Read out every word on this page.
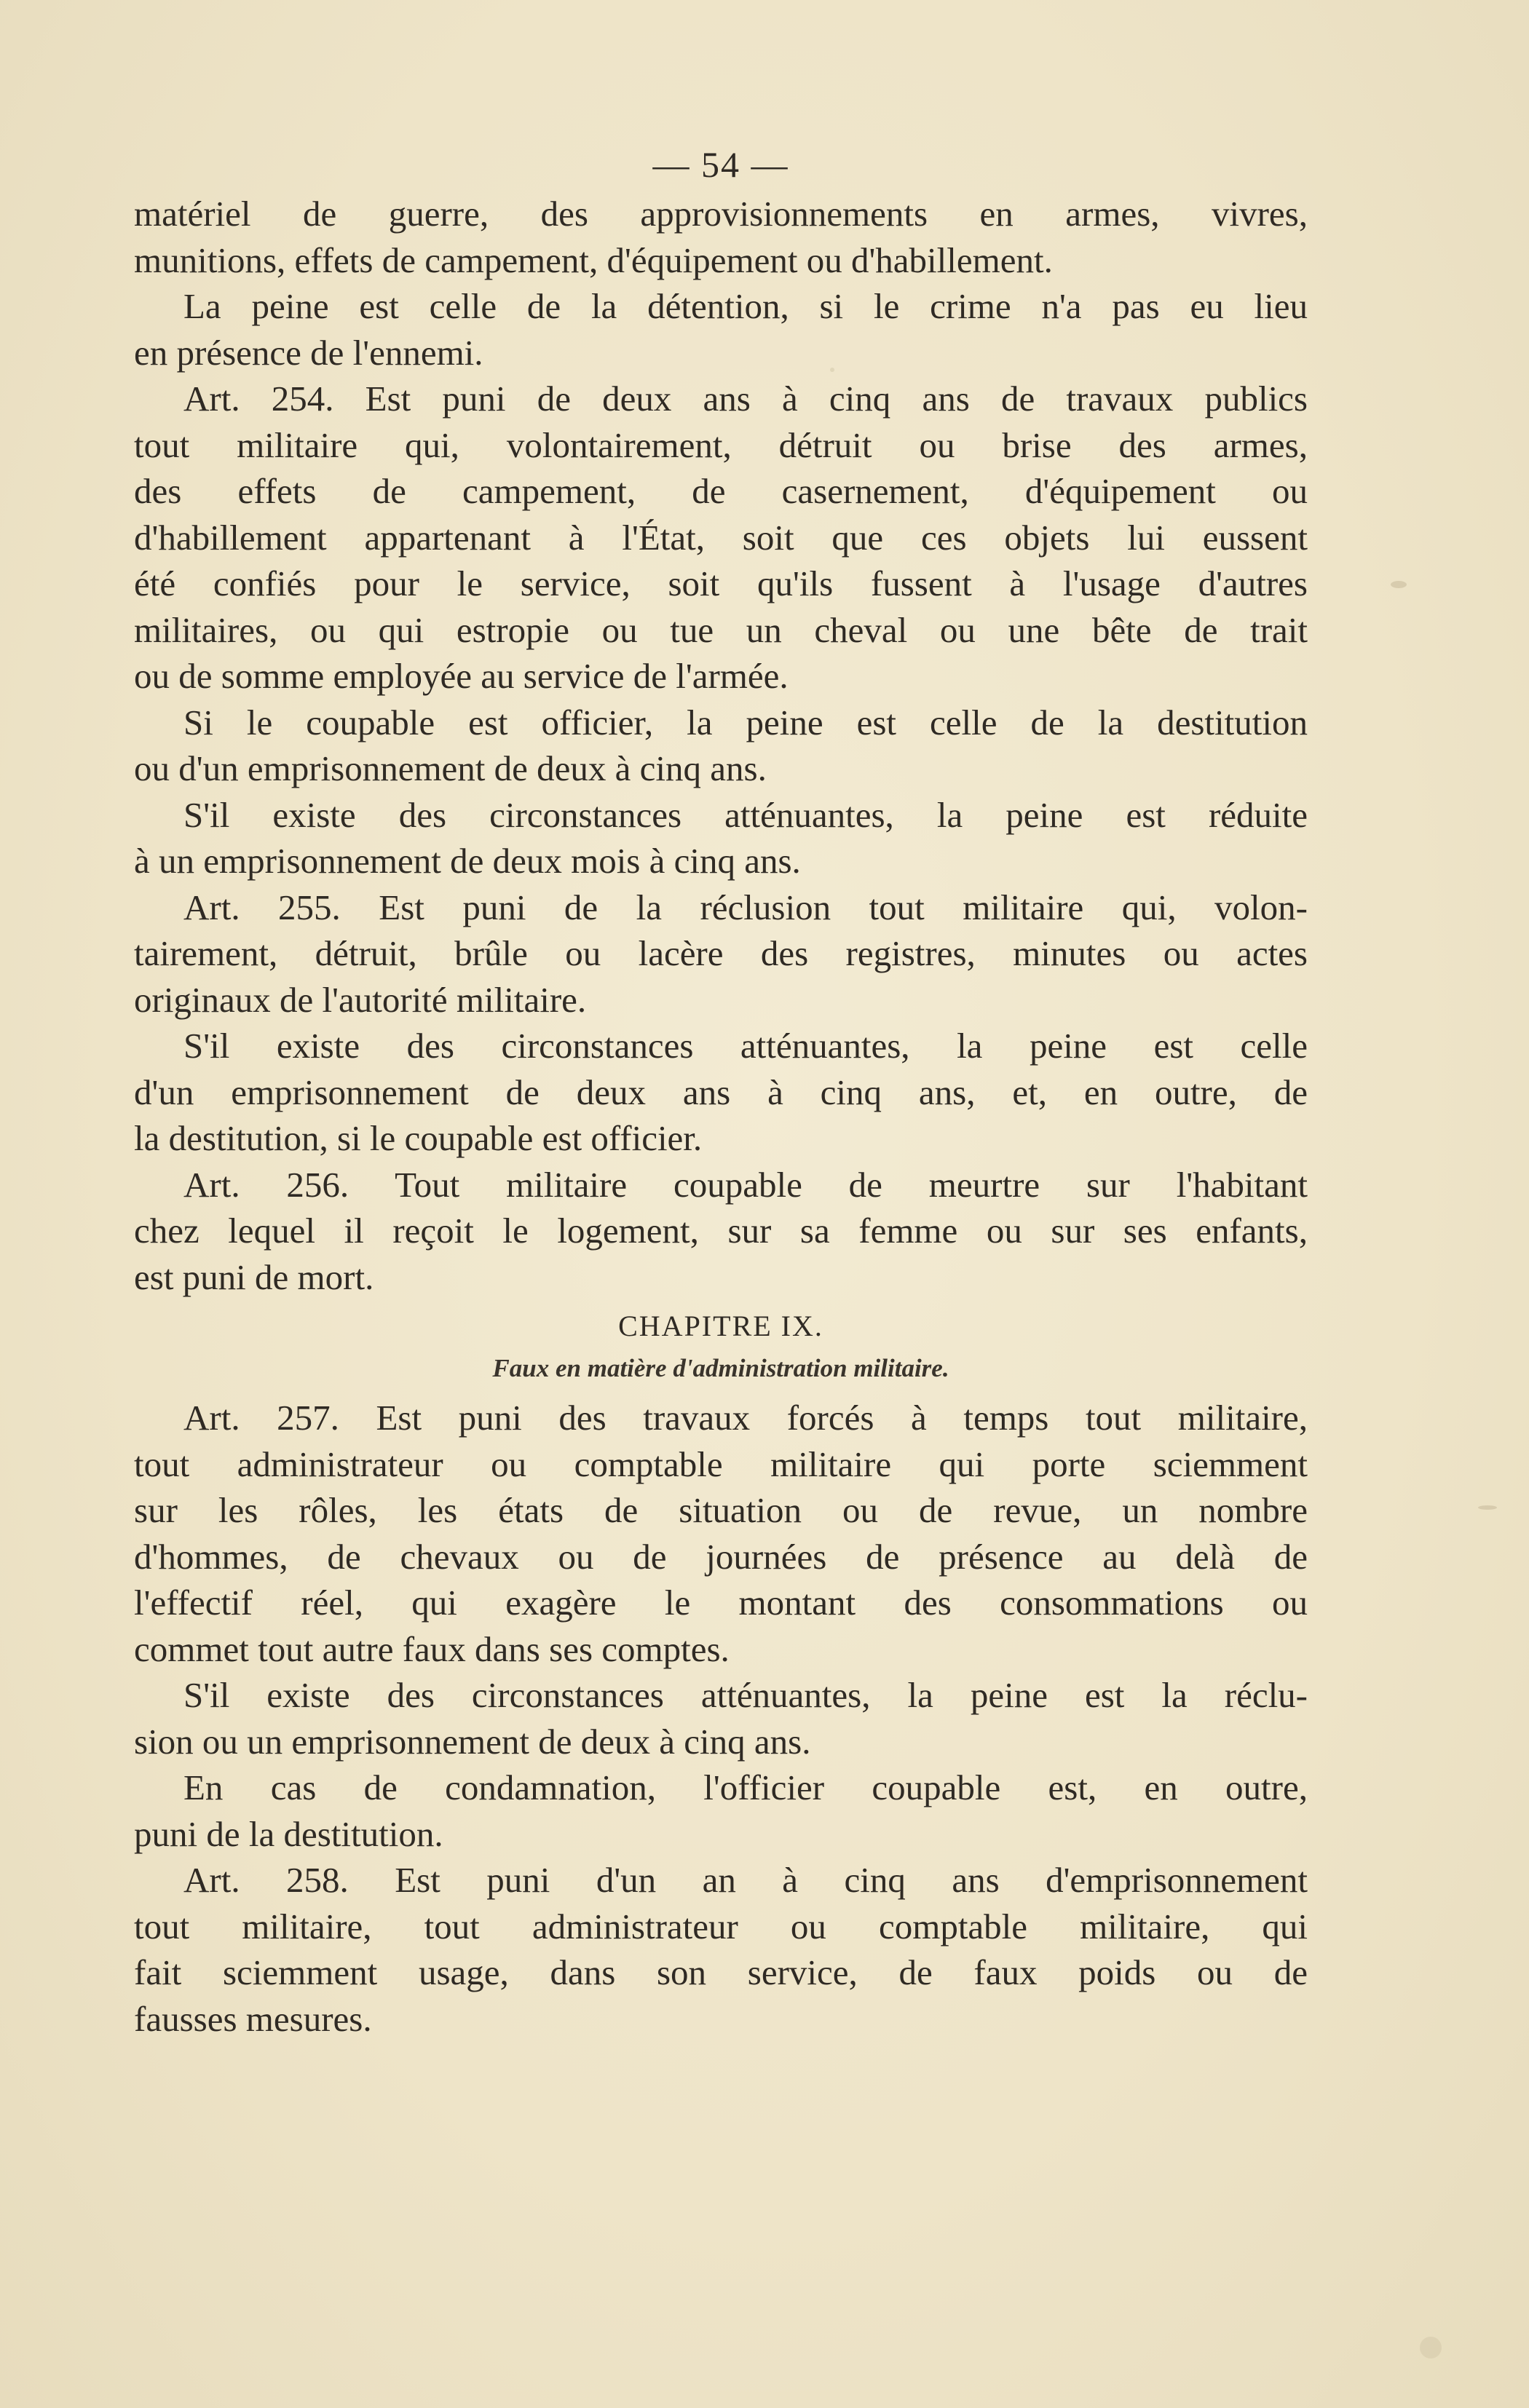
— 54 —
matériel de guerre, des approvisionnements en armes, vivres,
munitions, effets de campement, d'équipement ou d'habillement.
La peine est celle de la détention, si le crime n'a pas eu lieu
en présence de l'ennemi.
Art. 254. Est puni de deux ans à cinq ans de travaux publics
tout militaire qui, volontairement, détruit ou brise des armes,
des effets de campement, de casernement, d'équipement ou
d'habillement appartenant à l'État, soit que ces objets lui eussent
été confiés pour le service, soit qu'ils fussent à l'usage d'autres
militaires, ou qui estropie ou tue un cheval ou une bête de trait
ou de somme employée au service de l'armée.
Si le coupable est officier, la peine est celle de la destitution
ou d'un emprisonnement de deux à cinq ans.
S'il existe des circonstances atténuantes, la peine est réduite
à un emprisonnement de deux mois à cinq ans.
Art. 255. Est puni de la réclusion tout militaire qui, volon-
tairement, détruit, brûle ou lacère des registres, minutes ou actes
originaux de l'autorité militaire.
S'il existe des circonstances atténuantes, la peine est celle
d'un emprisonnement de deux ans à cinq ans, et, en outre, de
la destitution, si le coupable est officier.
Art. 256. Tout militaire coupable de meurtre sur l'habitant
chez lequel il reçoit le logement, sur sa femme ou sur ses enfants,
est puni de mort.
CHAPITRE IX.
Faux en matière d'administration militaire.
Art. 257. Est puni des travaux forcés à temps tout militaire,
tout administrateur ou comptable militaire qui porte sciemment
sur les rôles, les états de situation ou de revue, un nombre
d'hommes, de chevaux ou de journées de présence au delà de
l'effectif réel, qui exagère le montant des consommations ou
commet tout autre faux dans ses comptes.
S'il existe des circonstances atténuantes, la peine est la réclu-
sion ou un emprisonnement de deux à cinq ans.
En cas de condamnation, l'officier coupable est, en outre,
puni de la destitution.
Art. 258. Est puni d'un an à cinq ans d'emprisonnement
tout militaire, tout administrateur ou comptable militaire, qui
fait sciemment usage, dans son service, de faux poids ou de
fausses mesures.
